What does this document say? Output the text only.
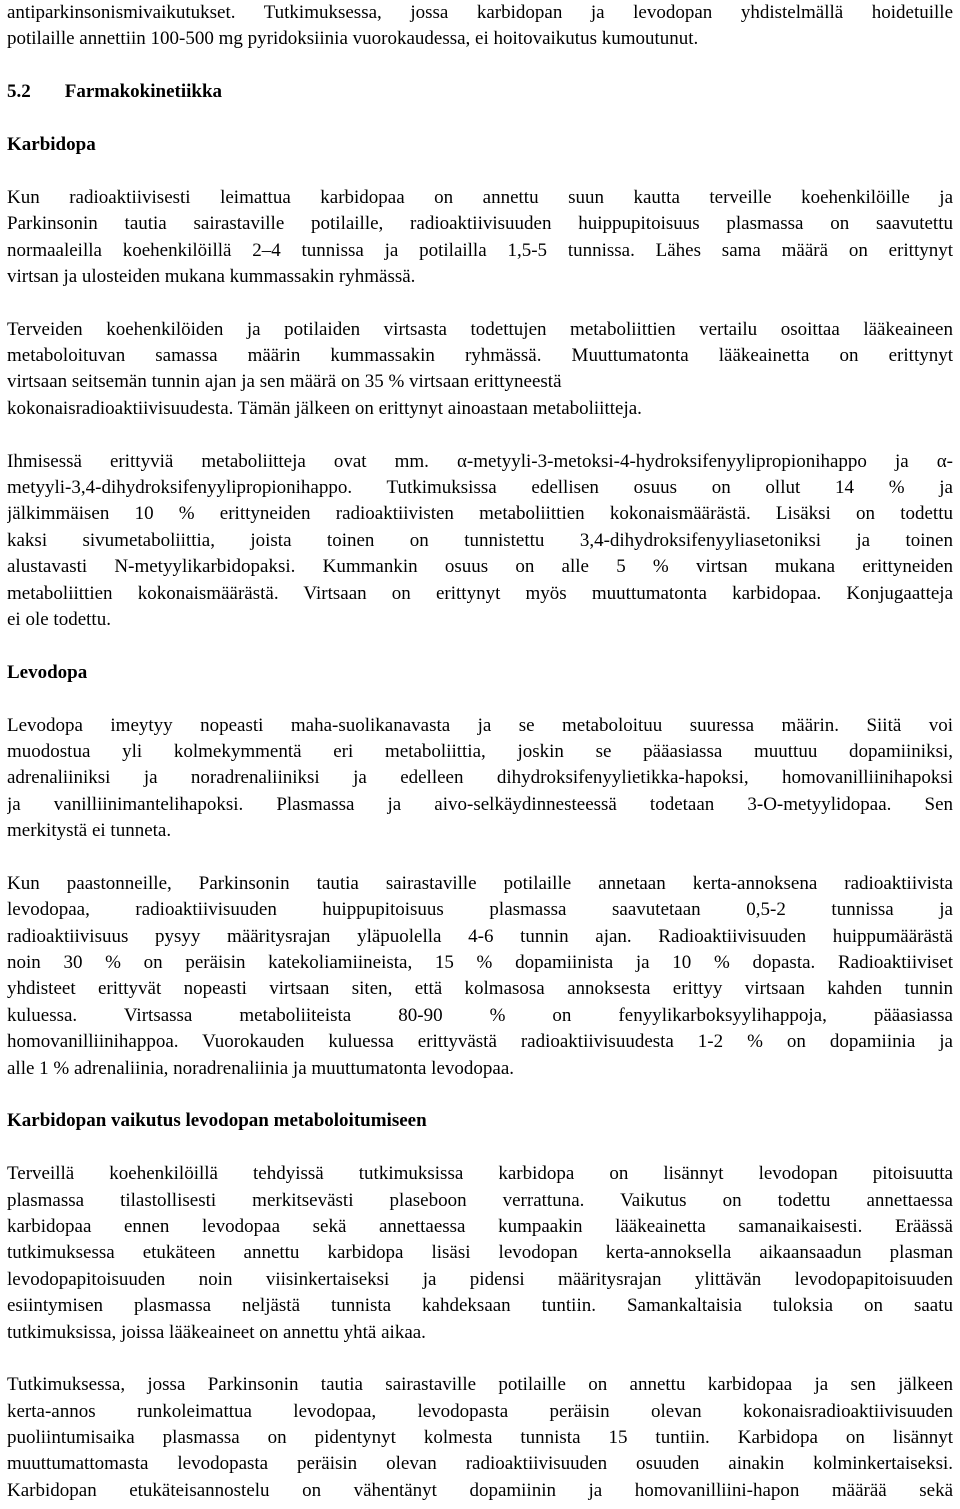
antiparkinsonismivaikutukset. Tutkimuksessa, jossa karbidopan ja levodopan yhdistelmällä hoidetuille
potilaille annettiin 100-500 mg pyridoksiinia vuorokaudessa, ei hoitovaikutus kumoutunut.
5.2 Farmakokinetiikka
Karbidopa
Kun radioaktiivisesti leimattua karbidopaa on annettu suun kautta terveille koehenkilöille ja
Parkinsonin tautia sairastaville potilaille, radioaktiivisuuden huippupitoisuus plasmassa on saavutettu
normaaleilla koehenkilöillä 2–4 tunnissa ja potilailla 1,5-5 tunnissa. Lähes sama määrä on erittynyt
virtsan ja ulosteiden mukana kummassakin ryhmässä.
Terveiden koehenkilöiden ja potilaiden virtsasta todettujen metaboliittien vertailu osoittaa lääkeaineen
metaboloituvan samassa määrin kummassakin ryhmässä. Muuttumatonta lääkeainetta on erittynyt
virtsaan seitsemän tunnin ajan ja sen määrä on 35 % virtsaan erittyneestä
kokonaisradioaktiivisuudesta. Tämän jälkeen on erittynyt ainoastaan metaboliitteja.
Ihmisessä erittyviä metaboliitteja ovat mm. α-metyyli-3-metoksi-4-hydroksifenyylipropionihappo ja α-
metyyli-3,4-dihydroksifenyylipropionihappo. Tutkimuksissa edellisen osuus on ollut 14 % ja
jälkimmäisen 10 % erittyneiden radioaktiivisten metaboliittien kokonaismäärästä. Lisäksi on todettu
kaksi sivumetaboliittia, joista toinen on tunnistettu 3,4-dihydroksifenyyliasetoniksi ja toinen
alustavasti N-metyylikarbidopaksi. Kummankin osuus on alle 5 % virtsan mukana erittyneiden
metaboliittien kokonaismäärästä. Virtsaan on erittynyt myös muuttumatonta karbidopaa. Konjugaatteja
ei ole todettu.
Levodopa
Levodopa imeytyy nopeasti maha-suolikanavasta ja se metaboloituu suuressa määrin. Siitä voi
muodostua yli kolmekymmentä eri metaboliittia, joskin se pääasiassa muuttuu dopamiiniksi,
adrenaliiniksi ja noradrenaliiniksi ja edelleen dihydroksifenyylietikka-hapoksi, homovanilliinihapoksi
ja vanilliinimantelihapoksi. Plasmassa ja aivo-selkäydinnesteessä todetaan 3-O-metyylidopaa. Sen
merkitystä ei tunneta.
Kun paastonneille, Parkinsonin tautia sairastaville potilaille annetaan kerta-annoksena radioaktiivista
levodopaa, radioaktiivisuuden huippupitoisuus plasmassa saavutetaan 0,5-2 tunnissa ja
radioaktiivisuus pysyy määritysrajan yläpuolella 4-6 tunnin ajan. Radioaktiivisuuden huippumäärästä
noin 30 % on peräisin katekoliamiineista, 15 % dopamiinista ja 10 % dopasta. Radioaktiiviset
yhdisteet erittyvät nopeasti virtsaan siten, että kolmasosa annoksesta erittyy virtsaan kahden tunnin
kuluessa. Virtsassa metaboliiteista 80-90 % on fenyylikarboksyylihappoja, pääasiassa
homovanilliinihappoa. Vuorokauden kuluessa erittyvästä radioaktiivisuudesta 1-2 % on dopamiinia ja
alle 1 % adrenaliinia, noradrenaliinia ja muuttumatonta levodopaa.
Karbidopan vaikutus levodopan metaboloitumiseen
Terveillä koehenkilöillä tehdyissä tutkimuksissa karbidopa on lisännyt levodopan pitoisuutta
plasmassa tilastollisesti merkitsevästi plaseboon verrattuna. Vaikutus on todettu annettaessa
karbidopaa ennen levodopaa sekä annettaessa kumpaakin lääkeainetta samanaikaisesti. Eräässä
tutkimuksessa etukäteen annettu karbidopa lisäsi levodopan kerta-annoksella aikaansaadun plasman
levodopapitoisuuden noin viisinkertaiseksi ja pidensi määritysrajan ylittävän levodopapitoisuuden
esiintymisen plasmassa neljästä tunnista kahdeksaan tuntiin. Samankaltaisia tuloksia on saatu
tutkimuksissa, joissa lääkeaineet on annettu yhtä aikaa.
Tutkimuksessa, jossa Parkinsonin tautia sairastaville potilaille on annettu karbidopaa ja sen jälkeen
kerta-annos runkoleimattua levodopaa, levodopasta peräisin olevan kokonaisradioaktiivisuuden
puoliintumisaika plasmassa on pidentynyt kolmesta tunnista 15 tuntiin. Karbidopa on lisännyt
muuttumattomasta levodopasta peräisin olevan radioaktiivisuuden osuuden ainakin kolminkertaiseksi.
Karbidopan etukäteisannostelu on vähentänyt dopamiinin ja homovanilliini-hapon määrää sekä
